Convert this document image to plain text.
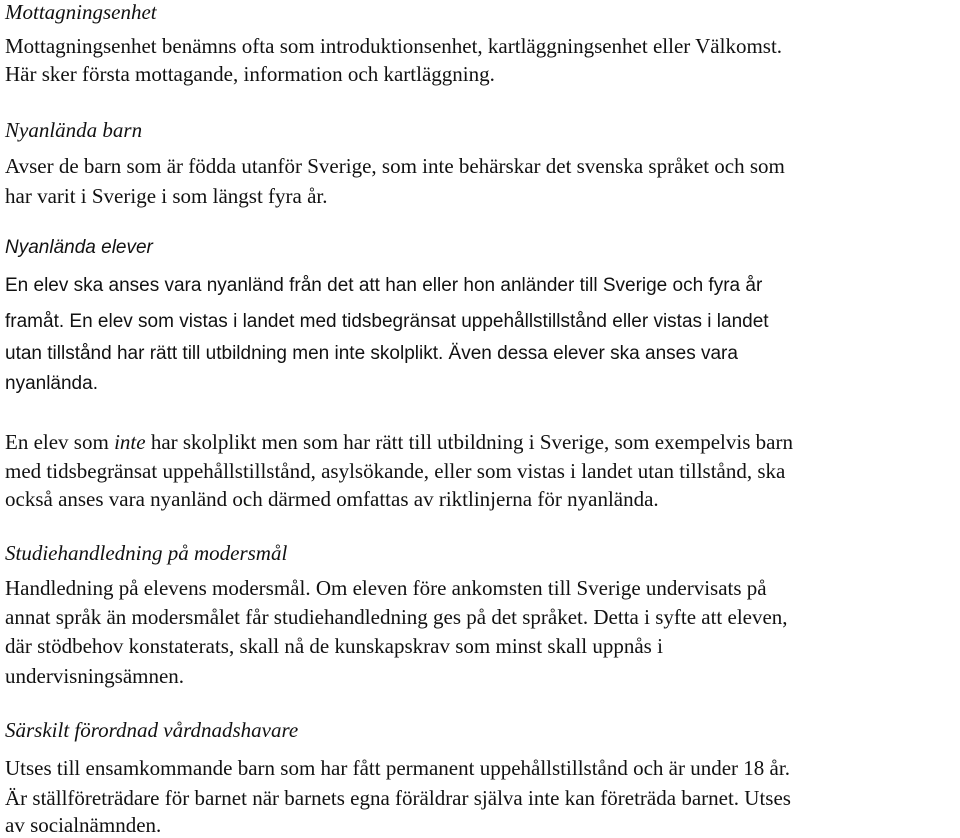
Mottagningsenhet
Mottagningsenhet benämns ofta som introduktionsenhet, kartläggningsenhet eller Välkomst.
Här sker första mottagande, information och kartläggning.
Nyanlända barn
Avser de barn som är födda utanför Sverige, som inte behärskar det svenska språket och som
har varit i Sverige i som längst fyra år.
Nyanlända elever
En elev ska anses vara nyanländ från det att han eller hon anländer till Sverige och fyra år
framåt. En elev som vistas i landet med tidsbegränsat uppehållstillstånd eller vistas i landet
utan tillstånd har rätt till utbildning men inte skolplikt. Även dessa elever ska anses vara
nyanlända.
En elev som inte har skolplikt men som har rätt till utbildning i Sverige, som exempelvis barn
med tidsbegränsat uppehållstillstånd, asylsökande, eller som vistas i landet utan tillstånd, ska
också anses vara nyanländ och därmed omfattas av riktlinjerna för nyanlända.
Studiehandledning på modersmål
Handledning på elevens modersmål. Om eleven före ankomsten till Sverige undervisats på
annat språk än modersmålet får studiehandledning ges på det språket. Detta i syfte att eleven,
där stödbehov konstaterats, skall nå de kunskapskrav som minst skall uppnås i
undervisningsämnen.
Särskilt förordnad vårdnadshavare
Utses till ensamkommande barn som har fått permanent uppehållstillstånd och är under 18 år.
Är ställföreträdare för barnet när barnets egna föräldrar själva inte kan företräda barnet. Utses
av socialnämnden.
